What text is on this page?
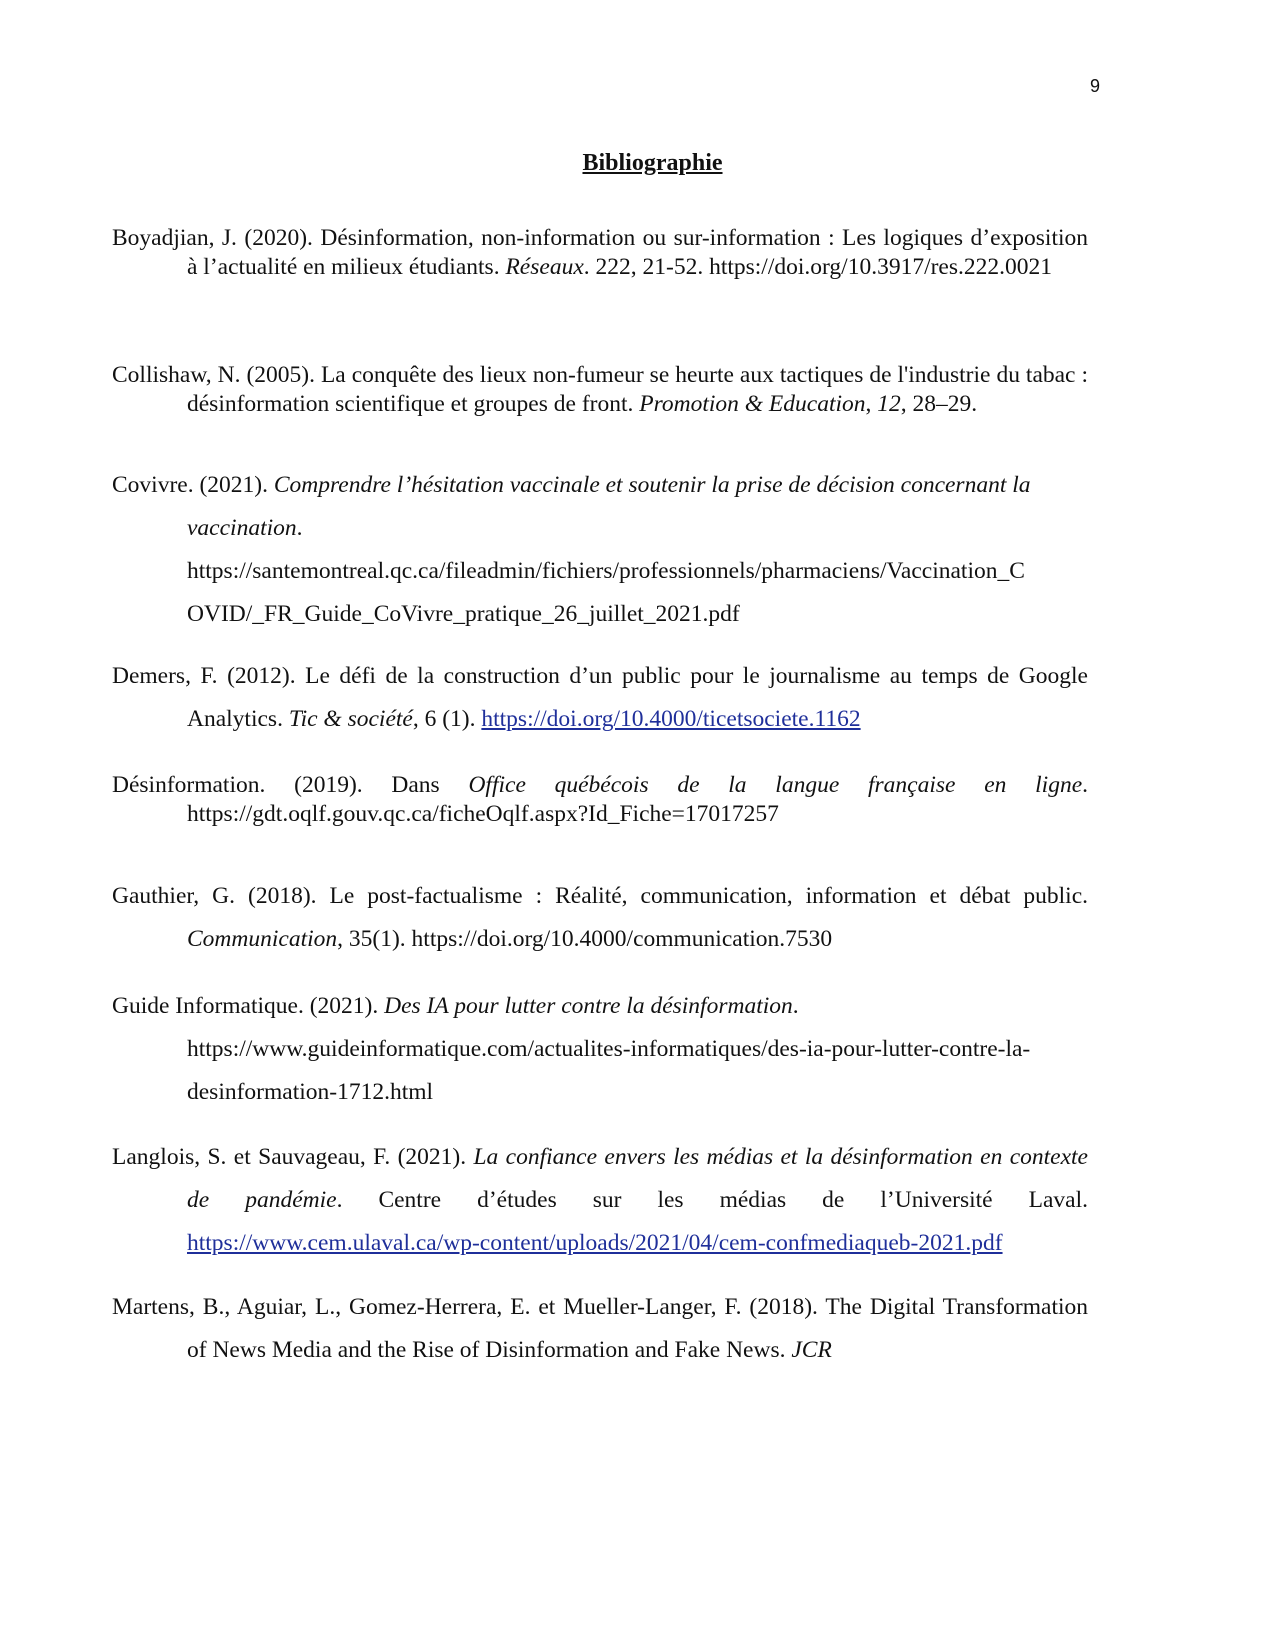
9
Bibliographie
Boyadjian, J. (2020). Désinformation, non-information ou sur-information : Les logiques d’exposition à l’actualité en milieux étudiants. Réseaux. 222, 21-52. https://doi.org/10.3917/res.222.0021
Collishaw, N. (2005). La conquête des lieux non-fumeur se heurte aux tactiques de l'industrie du tabac : désinformation scientifique et groupes de front. Promotion & Education, 12, 28–29.
Covivre. (2021). Comprendre l’hésitation vaccinale et soutenir la prise de décision concernant la vaccination.
https://santemontreal.qc.ca/fileadmin/fichiers/professionnels/pharmaciens/Vaccination_C
OVID/_FR_Guide_CoVivre_pratique_26_juillet_2021.pdf
Demers, F. (2012). Le défi de la construction d’un public pour le journalisme au temps de Google Analytics. Tic & société, 6 (1). https://doi.org/10.4000/ticetsociete.1162
Désinformation. (2019). Dans Office québécois de la langue française en ligne. https://gdt.oqlf.gouv.qc.ca/ficheOqlf.aspx?Id_Fiche=17017257
Gauthier, G. (2018). Le post-factualisme : Réalité, communication, information et débat public. Communication, 35(1). https://doi.org/10.4000/communication.7530
Guide Informatique. (2021). Des IA pour lutter contre la désinformation.
https://www.guideinformatique.com/actualites-informatiques/des-ia-pour-lutter-contre-la-
desinformation-1712.html
Langlois, S. et Sauvageau, F. (2021). La confiance envers les médias et la désinformation en contexte de pandémie. Centre d’études sur les médias de l’Université Laval. https://www.cem.ulaval.ca/wp-content/uploads/2021/04/cem-confmediaqueb-2021.pdf
Martens, B., Aguiar, L., Gomez-Herrera, E. et Mueller-Langer, F. (2018). The Digital Transformation of News Media and the Rise of Disinformation and Fake News. JCR
